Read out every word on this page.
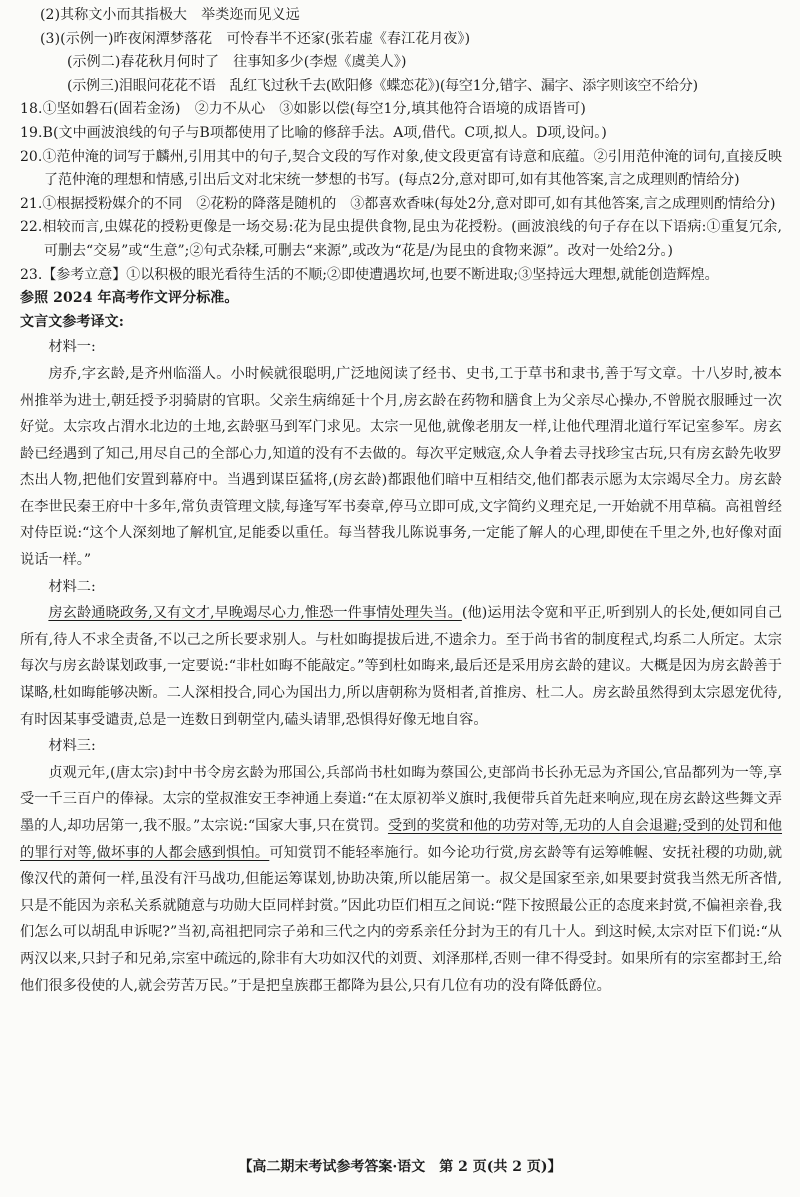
(2)其称文小而其指极大　举类迩而见义远
(3)(示例一)昨夜闲潭梦落花　可怜春半不还家(张若虚《春江花月夜》)
(示例二)春花秋月何时了　往事知多少(李煜《虞美人》)
(示例三)泪眼问花花不语　乱红飞过秋千去(欧阳修《蝶恋花》)(每空1分,错字、漏字、添字则该空不给分)
18.①坚如磐石(固若金汤)　②力不从心　③如影以偿(每空1分,填其他符合语境的成语皆可)
19.B(文中画波浪线的句子与B项都使用了比喻的修辞手法。A项,借代。C项,拟人。D项,设问。)

20.①范仲淹的词写于麟州,引用其中的句子,契合文段的写作对象,使文段更富有诗意和底蕴。②引用范仲淹的词句,直接反映了范仲淹的理想和情感,引出后文对北宋统一梦想的书写。(每点2分,意对即可,如有其他答案,言之成理则酌情给分)

21.①根据授粉媒介的不同　②花粉的降落是随机的　③都喜欢香味(每处2分,意对即可,如有其他答案,言之成理则酌情给分)

22.相较而言,虫媒花的授粉更像是一场交易:花为昆虫提供食物,昆虫为花授粉。(画波浪线的句子存在以下语病:①重复冗余,可删去“交易”或“生意”;②句式杂糅,可删去“来源”,或改为“花是/为昆虫的食物来源”。改对一处给2分。)

23.【参考立意】①以积极的眼光看待生活的不顺;②即使遭遇坎坷,也要不断进取;③坚持远大理想,就能创造辉煌。

参照 2024 年高考作文评分标准。
文言文参考译文:
材料一:

房乔,字玄龄,是齐州临淄人。小时候就很聪明,广泛地阅读了经书、史书,工于草书和隶书,善于写文章。十八岁时,被本州推举为进士,朝廷授予羽骑尉的官职。父亲生病绵延十个月,房玄龄在药物和膳食上为父亲尽心操办,不曾脱衣服睡过一次好觉。太宗攻占渭水北边的土地,玄龄驱马到军门求见。太宗一见他,就像老朋友一样,让他代理渭北道行军记室参军。房玄龄已经遇到了知己,用尽自己的全部心力,知道的没有不去做的。每次平定贼寇,众人争着去寻找珍宝古玩,只有房玄龄先收罗杰出人物,把他们安置到幕府中。当遇到谋臣猛将,(房玄龄)都跟他们暗中互相结交,他们都表示愿为太宗竭尽全力。房玄龄在李世民秦王府中十多年,常负责管理文牍,每逢写军书奏章,停马立即可成,文字简约义理充足,一开始就不用草稿。高祖曾经对侍臣说:“这个人深刻地了解机宜,足能委以重任。每当替我儿陈说事务,一定能了解人的心理,即使在千里之外,也好像对面说话一样。”

材料二:

房玄龄通晓政务,又有文才,早晚竭尽心力,惟恐一件事情处理失当。(他)运用法令宽和平正,听到别人的长处,便如同自己所有,待人不求全责备,不以己之所长要求别人。与杜如晦提拔后进,不遗余力。至于尚书省的制度程式,均系二人所定。太宗每次与房玄龄谋划政事,一定要说:“非杜如晦不能敲定。”等到杜如晦来,最后还是采用房玄龄的建议。大概是因为房玄龄善于谋略,杜如晦能够决断。二人深相投合,同心为国出力,所以唐朝称为贤相者,首推房、杜二人。房玄龄虽然得到太宗恩宠优待,有时因某事受谴责,总是一连数日到朝堂内,磕头请罪,恐惧得好像无地自容。

材料三:

贞观元年,(唐太宗)封中书令房玄龄为邢国公,兵部尚书杜如晦为蔡国公,吏部尚书长孙无忌为齐国公,官品都列为一等,享受一千三百户的俸禄。太宗的堂叔淮安王李神通上奏道:“在太原初举义旗时,我便带兵首先赶来响应,现在房玄龄这些舞文弄墨的人,却功居第一,我不服。”太宗说:“国家大事,只在赏罚。受到的奖赏和他的功劳对等,无功的人自会退避;受到的处罚和他的罪行对等,做坏事的人都会感到惧怕。可知赏罚不能轻率施行。如今论功行赏,房玄龄等有运筹帷幄、安抚社稷的功勋,就像汉代的萧何一样,虽没有汗马战功,但能运筹谋划,协助决策,所以能居第一。叔父是国家至亲,如果要封赏我当然无所吝惜,只是不能因为亲私关系就随意与功勋大臣同样封赏。”因此功臣们相互之间说:“陛下按照最公正的态度来封赏,不偏袒亲眷,我们怎么可以胡乱申诉呢?”当初,高祖把同宗子弟和三代之内的旁系亲任分封为王的有几十人。到这时候,太宗对臣下们说:“从两汉以来,只封子和兄弟,宗室中疏远的,除非有大功如汉代的刘贾、刘泽那样,否则一律不得受封。如果所有的宗室都封王,给他们很多役使的人,就会劳苦万民。”于是把皇族郡王都降为县公,只有几位有功的没有降低爵位。

【高二期末考试参考答案·语文　第 2 页(共 2 页)】
